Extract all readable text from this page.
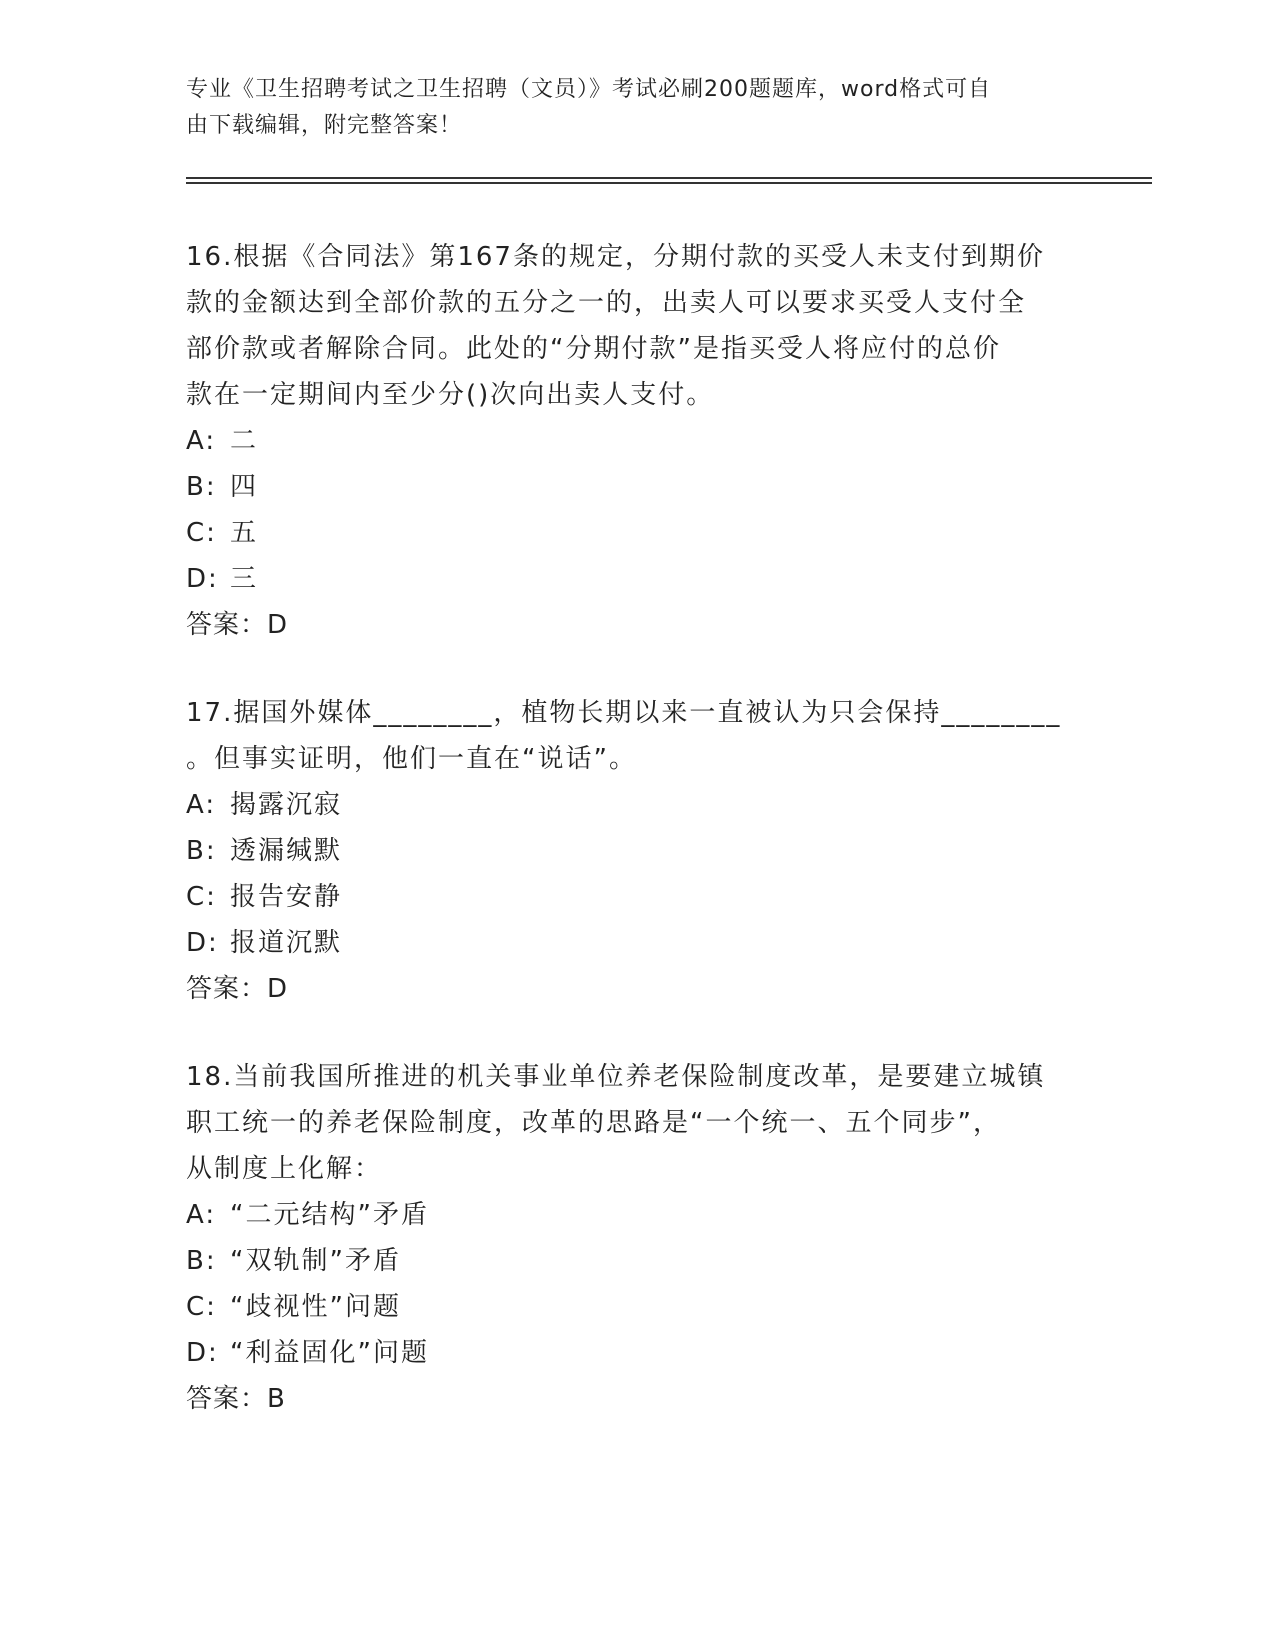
专业《卫生招聘考试之卫生招聘（文员）》考试必刷200题题库，word格式可自
由下载编辑，附完整答案！

16.根据《合同法》第167条的规定，分期付款的买受人未支付到期价

款的金额达到全部价款的五分之一的，出卖人可以要求买受人支付全

部价款或者解除合同。此处的“分期付款”是指买受人将应付的总价

款在一定期间内至少分()次向出卖人支付。

A: 二
B: 四
C: 五
D: 三
答案： D

17.据国外媒体________，植物长期以来一直被认为只会保持________

。但事实证明，他们一直在“说话”。

A: 揭露沉寂
B: 透漏缄默
C: 报告安静
D: 报道沉默
答案： D

18.当前我国所推进的机关事业单位养老保险制度改革，是要建立城镇

职工统一的养老保险制度，改革的思路是“一个统一、五个同步”，

从制度上化解：

A: “二元结构”矛盾
B: “双轨制”矛盾
C: “歧视性”问题
D: “利益固化”问题
答案： B
